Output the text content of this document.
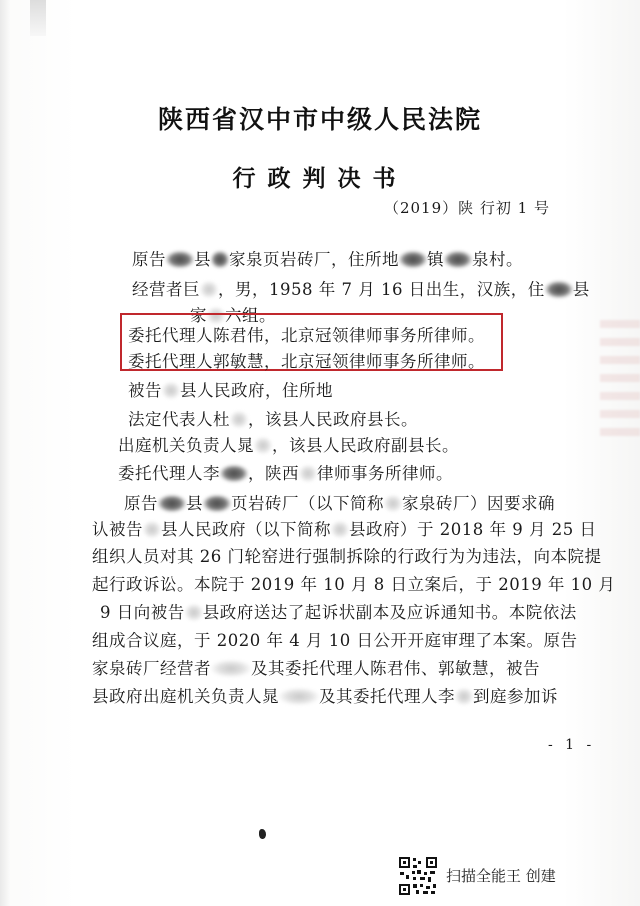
陕西省汉中市中级人民法院
行政判决书
（2019）陕 行初 1 号
原告 县 家泉页岩砖厂，住所地 镇 泉村。
经营者巨 ，男，1958 年 7 月 16 日出生，汉族，住 县
家 六组。
委托代理人陈君伟，北京冠领律师事务所律师。
委托代理人郭敏慧，北京冠领律师事务所律师。
被告 县人民政府，住所地
法定代表人杜 ，该县人民政府县长。
出庭机关负责人晁 ，该县人民政府副县长。
委托代理人李 ，陕西 律师事务所律师。
原告 县 页岩砖厂（以下简称 家泉砖厂）因要求确
认被告 县人民政府（以下简称 县政府）于 2018 年 9 月 25 日
组织人员对其 26 门轮窑进行强制拆除的行政行为为违法，向本院提
起行政诉讼。本院于 2019 年 10 月 8 日立案后，于 2019 年 10 月
9 日向被告 县政府送达了起诉状副本及应诉通知书。本院依法
组成合议庭，于 2020 年 4 月 10 日公开开庭审理了本案。原告
家泉砖厂经营者 及其委托代理人陈君伟、郭敏慧，被告
县政府出庭机关负责人晁 及其委托代理人李 到庭参加诉
- 1 -
扫描全能王 创建
